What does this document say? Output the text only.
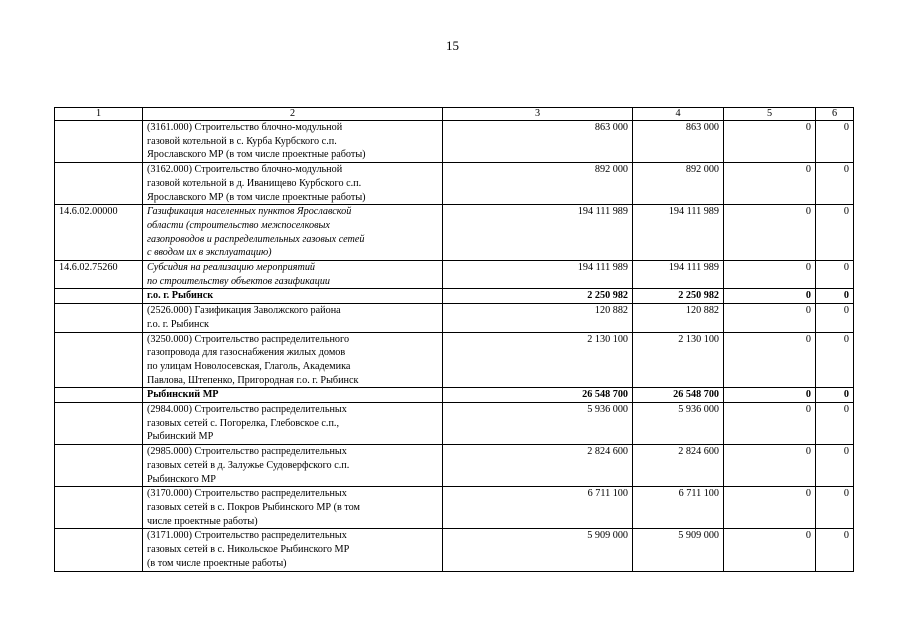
15
1	2	3	4	5	6
	(3161.000) Строительство блочно-модульной
газовой котельной в с. Курба Курбского с.п.
Ярославского МР (в том числе проектные работы)	863 000	863 000	0	0
	(3162.000) Строительство блочно-модульной
газовой котельной в д. Иванищево Курбского с.п.
Ярославского МР (в том числе проектные работы)	892 000	892 000	0	0
14.6.02.00000	Газификация населенных пунктов Ярославской
области (строительство межпоселковых
газопроводов и распределительных газовых сетей
с вводом их в эксплуатацию)	194 111 989	194 111 989	0	0
14.6.02.75260	Субсидия на реализацию мероприятий
по строительству объектов газификации	194 111 989	194 111 989	0	0
	г.о. г. Рыбинск	2 250 982	2 250 982	0	0
	(2526.000) Газификация Заволжского района
г.о. г. Рыбинск	120 882	120 882	0	0
	(3250.000) Строительство распределительного
газопровода для газоснабжения жилых домов
по улицам Новолосевская, Глаголь, Академика
Павлова, Штепенко, Пригородная г.о. г. Рыбинск	2 130 100	2 130 100	0	0
	Рыбинский МР	26 548 700	26 548 700	0	0
	(2984.000) Строительство распределительных
газовых сетей с. Погорелка, Глебовское с.п.,
Рыбинский МР	5 936 000	5 936 000	0	0
	(2985.000) Строительство распределительных
газовых сетей в д. Залужье Судоверфского с.п.
Рыбинского МР	2 824 600	2 824 600	0	0
	(3170.000) Строительство распределительных
газовых сетей в с. Покров Рыбинского МР (в том
числе проектные работы)	6 711 100	6 711 100	0	0
	(3171.000) Строительство распределительных
газовых сетей в с. Никольское Рыбинского МР
(в том числе проектные работы)	5 909 000	5 909 000	0	0
